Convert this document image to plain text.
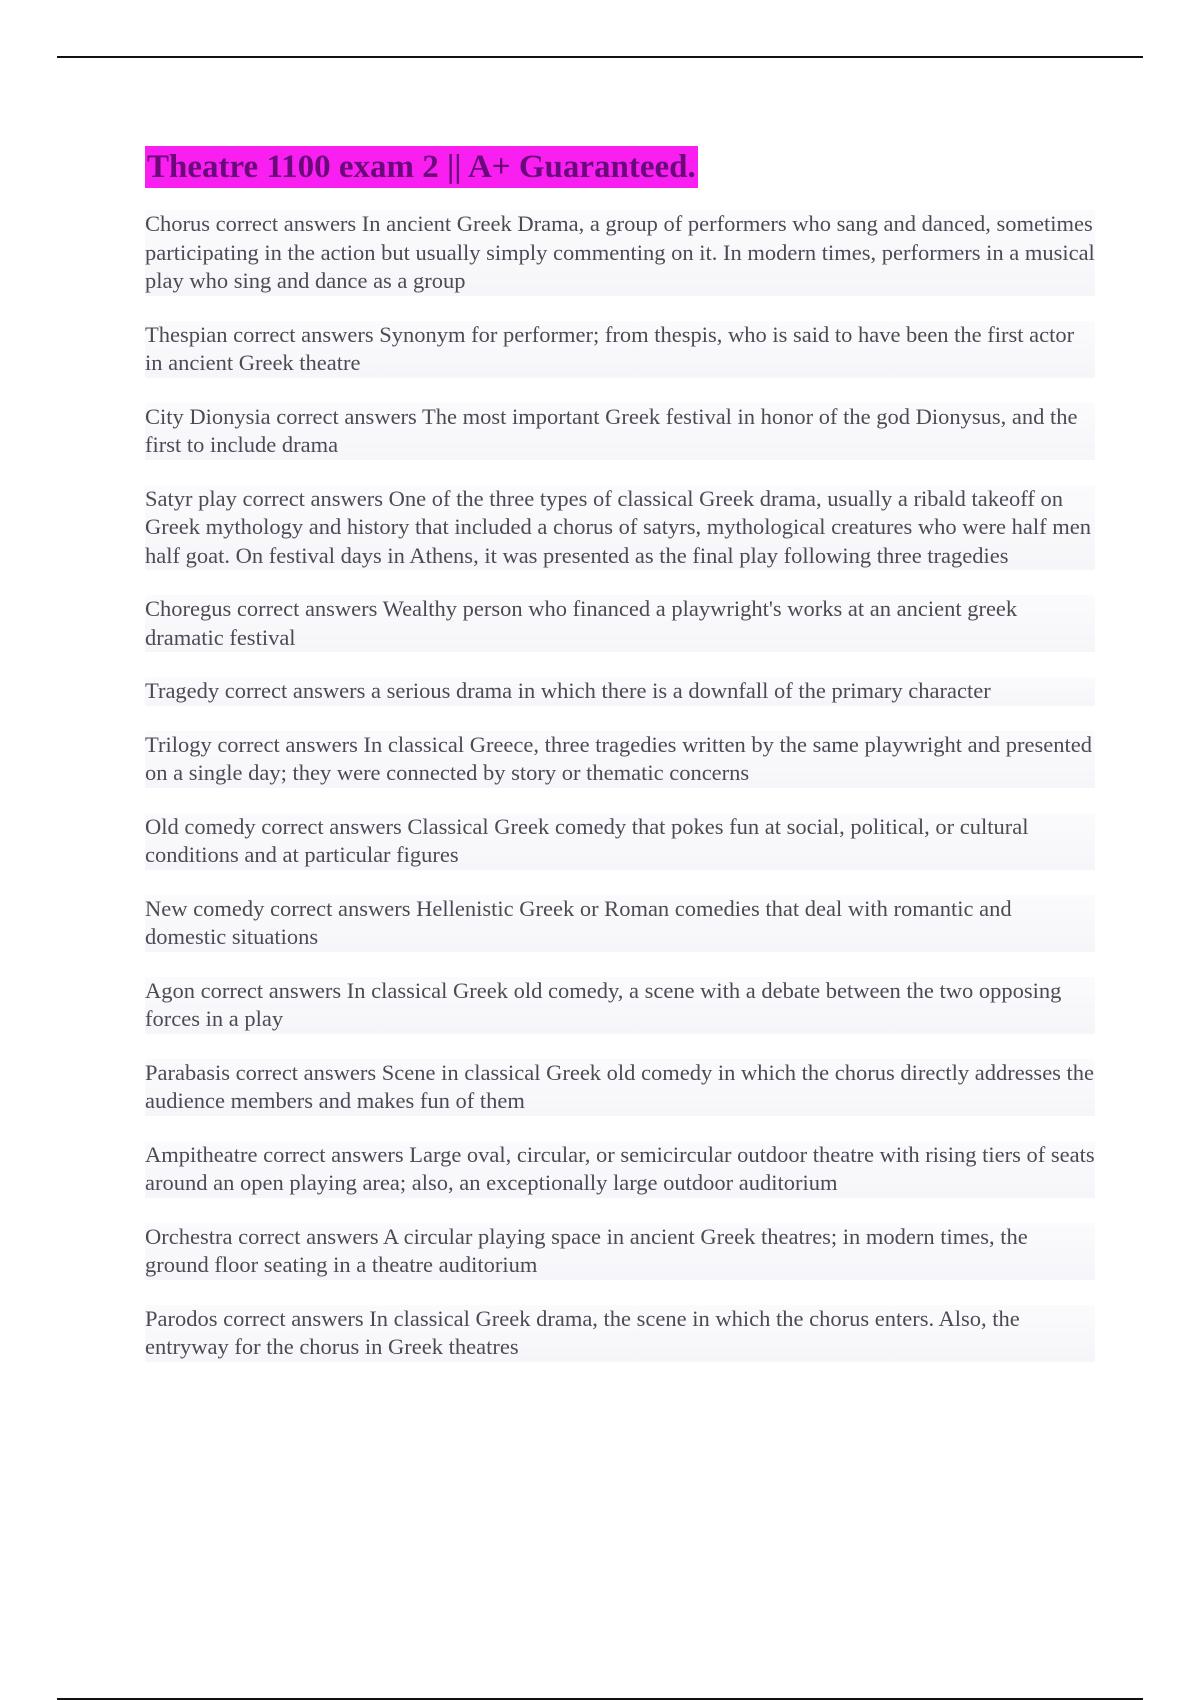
Theatre 1100 exam 2 || A+ Guaranteed.

Chorus correct answers In ancient Greek Drama, a group of performers who sang and danced, sometimes participating in the action but usually simply commenting on it. In modern times, performers in a musical play who sing and dance as a group

Thespian correct answers Synonym for performer; from thespis, who is said to have been the first actor in ancient Greek theatre

City Dionysia correct answers The most important Greek festival in honor of the god Dionysus, and the first to include drama

Satyr play correct answers One of the three types of classical Greek drama, usually a ribald takeoff on Greek mythology and history that included a chorus of satyrs, mythological creatures who were half men half goat. On festival days in Athens, it was presented as the final play following three tragedies

Choregus correct answers Wealthy person who financed a playwright's works at an ancient greek dramatic festival

Tragedy correct answers a serious drama in which there is a downfall of the primary character

Trilogy correct answers In classical Greece, three tragedies written by the same playwright and presented on a single day; they were connected by story or thematic concerns

Old comedy correct answers Classical Greek comedy that pokes fun at social, political, or cultural conditions and at particular figures

New comedy correct answers Hellenistic Greek or Roman comedies that deal with romantic and domestic situations

Agon correct answers In classical Greek old comedy, a scene with a debate between the two opposing forces in a play

Parabasis correct answers Scene in classical Greek old comedy in which the chorus directly addresses the audience members and makes fun of them

Ampitheatre correct answers Large oval, circular, or semicircular outdoor theatre with rising tiers of seats around an open playing area; also, an exceptionally large outdoor auditorium

Orchestra correct answers A circular playing space in ancient Greek theatres; in modern times, the ground floor seating in a theatre auditorium

Parodos correct answers In classical Greek drama, the scene in which the chorus enters. Also, the entryway for the chorus in Greek theatres
